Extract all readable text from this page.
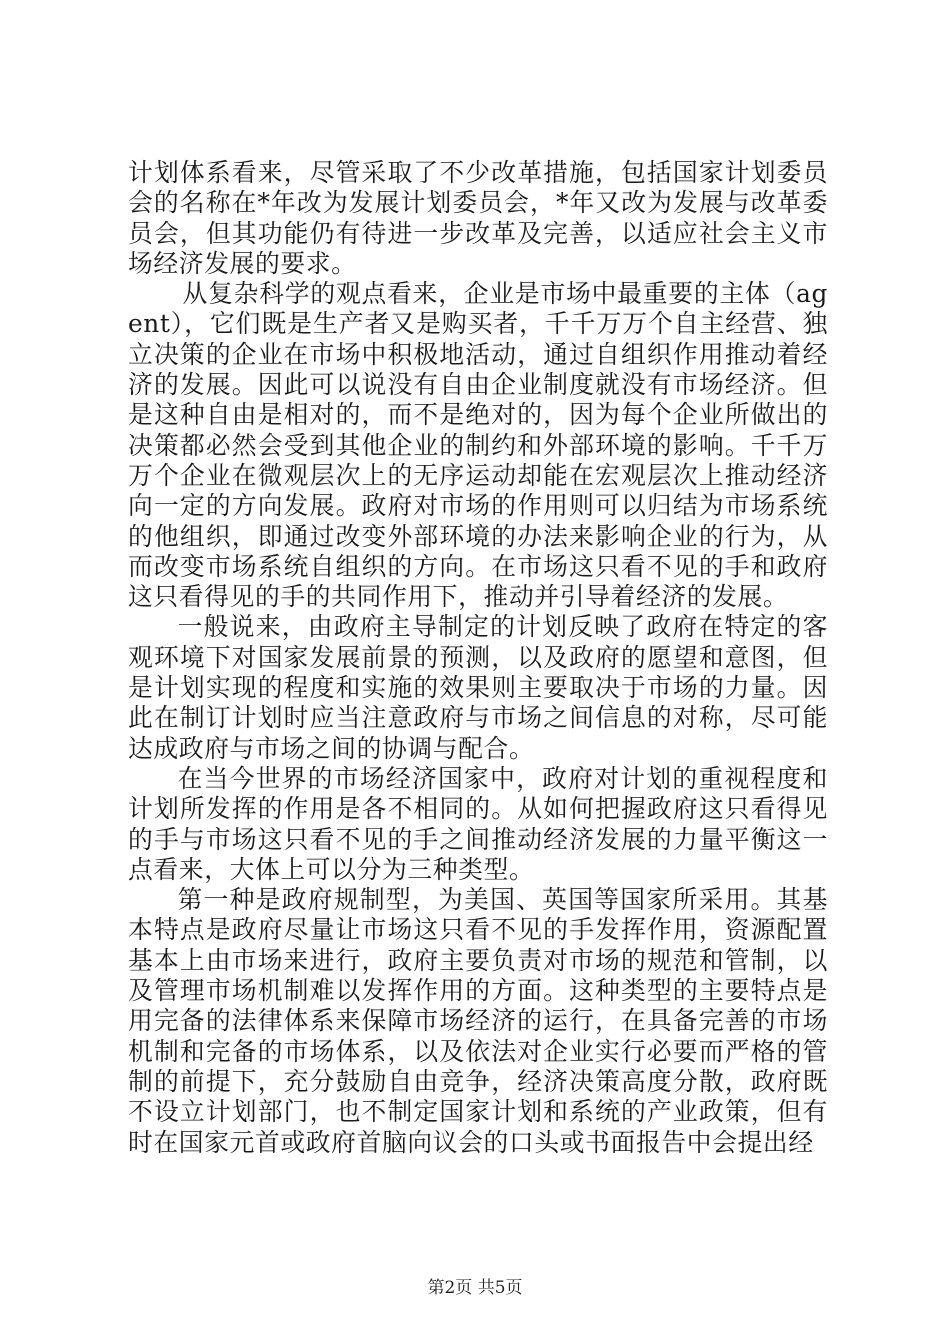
计划体系看来，尽管采取了不少改革措施，包括国家计划委员会的名称在*年改为发展计划委员会，*年又改为发展与改革委员会，但其功能仍有待进一步改革及完善，以适应社会主义市场经济发展的要求。

从复杂科学的观点看来，企业是市场中最重要的主体（agent），它们既是生产者又是购买者，千千万万个自主经营、独立决策的企业在市场中积极地活动，通过自组织作用推动着经济的发展。因此可以说没有自由企业制度就没有市场经济。但是这种自由是相对的，而不是绝对的，因为每个企业所做出的决策都必然会受到其他企业的制约和外部环境的影响。千千万万个企业在微观层次上的无序运动却能在宏观层次上推动经济向一定的方向发展。政府对市场的作用则可以归结为市场系统的他组织，即通过改变外部环境的办法来影响企业的行为，从而改变市场系统自组织的方向。在市场这只看不见的手和政府这只看得见的手的共同作用下，推动并引导着经济的发展。

一般说来，由政府主导制定的计划反映了政府在特定的客观环境下对国家发展前景的预测，以及政府的愿望和意图，但是计划实现的程度和实施的效果则主要取决于市场的力量。因此在制订计划时应当注意政府与市场之间信息的对称，尽可能达成政府与市场之间的协调与配合。

在当今世界的市场经济国家中，政府对计划的重视程度和计划所发挥的作用是各不相同的。从如何把握政府这只看得见的手与市场这只看不见的手之间推动经济发展的力量平衡这一点看来，大体上可以分为三种类型。

第一种是政府规制型，为美国、英国等国家所采用。其基本特点是政府尽量让市场这只看不见的手发挥作用，资源配置基本上由市场来进行，政府主要负责对市场的规范和管制，以及管理市场机制难以发挥作用的方面。这种类型的主要特点是用完备的法律体系来保障市场经济的运行，在具备完善的市场机制和完备的市场体系，以及依法对企业实行必要而严格的管制的前提下，充分鼓励自由竞争，经济决策高度分散，政府既不设立计划部门，也不制定国家计划和系统的产业政策，但有时在国家元首或政府首脑向议会的口头或书面报告中会提出经

第2页 共5页
